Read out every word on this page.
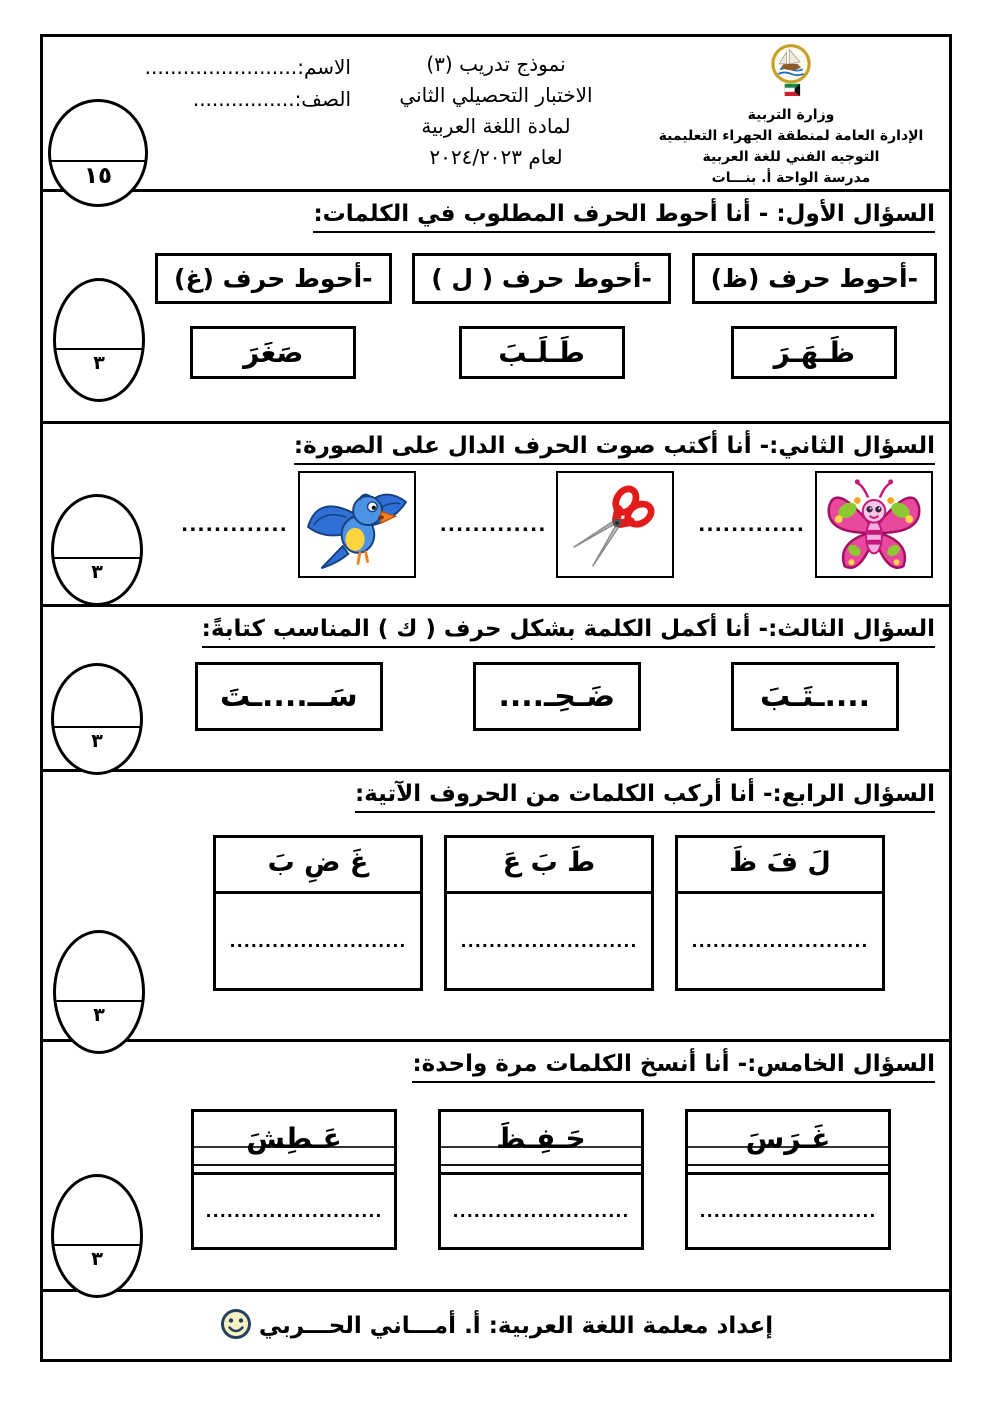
وزارة التربية
الإدارة العامة لمنطقة الجهراء التعليمية
التوجيه الفني للغة العربية
مدرسة الواحة أ. بنـــات
نموذج تدريب (٣)
الاختبار التحصيلي الثاني
لمادة اللغة العربية
لعام ٢٠٢٤/٢٠٢٣
الاسم:........................
الصف:................
١٥
السؤال الأول: - أنا أحوط الحرف المطلوب في الكلمات:
-أحوط حرف (ظ)
ظَـهَـرَ
-أحوط حرف ( ل )
طَـلَـبَ
-أحوط حرف (غ)
صَغَرَ
٣
السؤال الثاني:- أنا أكتب صوت الحرف الدال على الصورة:
.............
.............
.............
٣
السؤال الثالث:- أنا أكمل الكلمة بشكل حرف ( ك ) المناسب كتابةً:
....ـتَـبَ
ضَـحِـ....
سَــ....ـتَ
٣
السؤال الرابع:- أنا أركب الكلمات من الحروف الآتية:
لَ فَ ظَ
.........................
طَ بَ عَ
.........................
غَ ضِ بَ
.........................
٣
السؤال الخامس:- أنا أنسخ الكلمات مرة واحدة:
غَـرَسَ
.........................
حَـفِـظَ
.........................
عَـطِشَ
.........................
٣
إعداد معلمة اللغة العربية: أ. أمـــاني الحـــربي
